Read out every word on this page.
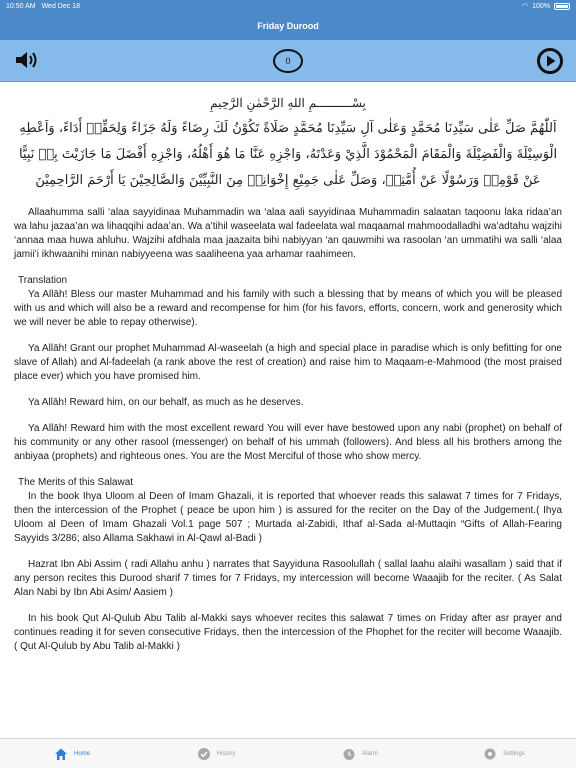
10:50 AM Wed Dec 18	◠ 100%
Friday Durood
0
بِسْــــــــــمِ اللهِ الرَّحْمٰنِ الرَّحِيمِ
اَللّٰهُمَّ صَلِّ عَلٰى سَيِّدِنَا مُحَمَّدٍ وَعَلٰى آلِ سَيِّدِنَا مُحَمَّدٍ صَلَاةً تَكُوْنُ لَكَ رِضَاءً وَلَهُ جَزَاءً وَلِحَقِّهٖ أَدَاءً، وَاَعْطِهِ الْوَسِيْلَةَ وَالْفَضِيْلَةَ وَالْمَقَامَ الْمَحْمُوْدَ الَّذِيْ وَعَدْتَهُ، وَاجْزِهِ عَنَّا مَا هُوَ أَهْلُهُ، وَاجْزِهِ أَفْضَلَ مَا جَازَيْتَ بِهٖ نَبِيًّا عَنْ قَوْمِهٖ وَرَسُوْلًا عَنْ أُمَّتِهٖ، وَصَلِّ عَلٰى جَمِيْعِ إِخْوَانِهٖ مِنَ النَّبِيِّيْنَ وَالصَّالِحِيْنَ يَا أَرْحَمَ الرَّاحِمِيْنَ

Allaahumma salli ‘alaa sayyidinaa Muhammadin wa ‘alaa aali sayyidinaa Muhammadin salaatan taqoonu laka ridaa’an wa lahu jazaa’an wa lihaqqihi adaa’an. Wa a’tihil waseelata wal fadeelata wal maqaamal mahmoodalladhi wa’adtahu wajzihi ‘annaa maa huwa ahluhu. Wajzihi afdhala maa jaazaita bihi nabiyyan ‘an qauwmihi wa rasoolan ‘an ummatihi wa salli ‘alaa jamii’i ikhwaanihi minan nabiyyeena was saaliheena yaa arhamar raahimeen.

Translation

Ya Allāh! Bless our master Muhammad and his family with such a blessing that by means of which you will be pleased with us and which will also be a reward and recompense for him (for his favors, efforts, concern, work and generosity which we will never be able to repay otherwise).

Ya Allāh! Grant our prophet Muhammad Al-waseelah (a high and special place in paradise which is only befitting for one slave of Allah) and Al-fadeelah (a rank above the rest of creation) and raise him to Maqaam-e-Mahmood (the most praised place ever) which you have promised him.

Ya Allāh! Reward him, on our behalf, as much as he deserves.

Ya Allāh! Reward him with the most excellent reward You will ever have bestowed upon any nabi (prophet) on behalf of his community or any other rasool (messenger) on behalf of his ummah (followers). And bless all his brothers among the anbiyaa (prophets) and righteous ones. You are the Most Merciful of those who show mercy.

The Merits of this Salawat

In the book Ihya Uloom al Deen of Imam Ghazali, it is reported that whoever reads this salawat 7 times for 7 Fridays, then the intercession of the Prophet ( peace be upon him ) is assured for the reciter on the Day of the Judgement.( Ihya Uloom al Deen of Imam Ghazali Vol.1 page 507 ; Murtada al-Zabidi, Ithaf al-Sada al-Muttaqin “Gifts of Allah-Fearing Sayyids 3/286; also Allama Sakhawi in Al-Qawl al-Badi )

Hazrat Ibn Abi Assim ( radi Allahu anhu ) narrates that Sayyiduna Rasoolullah ( sallal laahu alaihi wasallam ) said that if any person recites this Durood sharif 7 times for 7 Fridays, my intercession will become Waaajib for the reciter. ( As Salat Alan Nabi by Ibn Abi Asim/ Aasiem )

In his book Qut Al-Qulub Abu Talib al-Makki says whoever recites this salawat 7 times on Friday after asr prayer and continues reading it for seven consecutive Fridays, then the intercession of the Phophet for the reciter will become Waaajib. ( Qut Al-Qulub by Abu Talib al-Makki )

Home	History	Alarm	Settings
